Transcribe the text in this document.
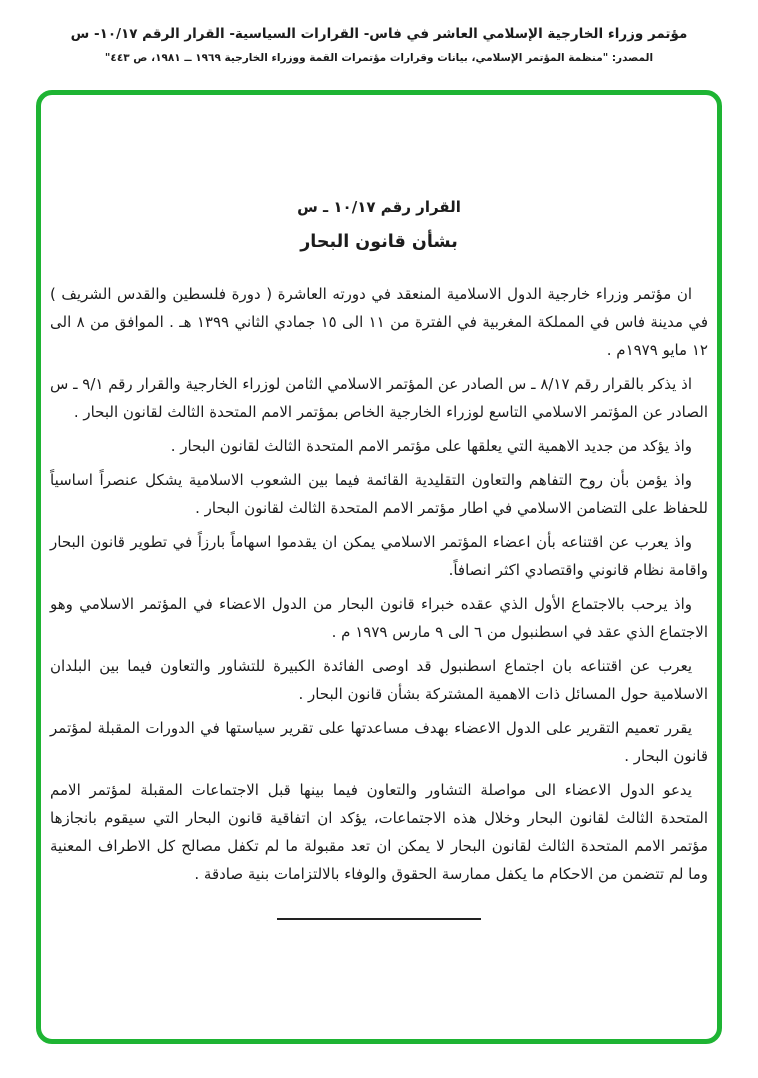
مؤتمر وزراء الخارجية الإسلامي العاشر في فاس- القرارات السياسية- القرار الرقم ١٠/١٧- س

المصدر: "منظمة المؤتمر الإسلامي، بيانات وقرارات مؤتمرات القمة ووزراء الخارجية ١٩٦٩ ــ ١٩٨١، ص ٤٤٣"

القرار رقم ١٠/١٧ ـ س

بشأن قانون البحار

ان مؤتمر وزراء خارجية الدول الاسلامية المنعقد في دورته العاشرة ( دورة فلسطين والقدس الشريف ) في مدينة فاس في المملكة المغربية في الفترة من ١١ الى ١٥ جمادي الثاني ١٣٩٩ هـ . الموافق من ٨ الى ١٢ مايو ١٩٧٩م .

اذ يذكر بالقرار رقم ٨/١٧ ـ س الصادر عن المؤتمر الاسلامي الثامن لوزراء الخارجية والقرار رقم ٩/١ ـ س الصادر عن المؤتمر الاسلامي التاسع لوزراء الخارجية الخاص بمؤتمر الامم المتحدة الثالث لقانون البحار .

واذ يؤكد من جديد الاهمية التي يعلقها على مؤتمر الامم المتحدة الثالث لقانون البحار .

واذ يؤمن بأن روح التفاهم والتعاون التقليدية القائمة فيما بين الشعوب الاسلامية يشكل عنصراً اساسياً للحفاظ على التضامن الاسلامي في اطار مؤتمر الامم المتحدة الثالث لقانون البحار .

واذ يعرب عن اقتناعه بأن اعضاء المؤتمر الاسلامي يمكن ان يقدموا اسهاماً بارزاً في تطوير قانون البحار واقامة نظام قانوني واقتصادي اكثر انصافاً.

واذ يرحب بالاجتماع الأول الذي عقده خبراء قانون البحار من الدول الاعضاء في المؤتمر الاسلامي وهو الاجتماع الذي عقد في اسطنبول من ٦ الى ٩ مارس ١٩٧٩ م .

يعرب عن اقتناعه بان اجتماع اسطنبول قد اوصى الفائدة الكبيرة للتشاور والتعاون فيما بين البلدان الاسلامية حول المسائل ذات الاهمية المشتركة بشأن قانون البحار .

يقرر تعميم التقرير على الدول الاعضاء بهدف مساعدتها على تقرير سياستها في الدورات المقبلة لمؤتمر قانون البحار .

يدعو الدول الاعضاء الى مواصلة التشاور والتعاون فيما بينها قبل الاجتماعات المقبلة لمؤتمر الامم المتحدة الثالث لقانون البحار وخلال هذه الاجتماعات، يؤكد ان اتفاقية قانون البحار التي سيقوم بانجازها مؤتمر الامم المتحدة الثالث لقانون البحار لا يمكن ان تعد مقبولة ما لم تكفل مصالح كل الاطراف المعنية وما لم تتضمن من الاحكام ما يكفل ممارسة الحقوق والوفاء بالالتزامات بنية صادقة .
